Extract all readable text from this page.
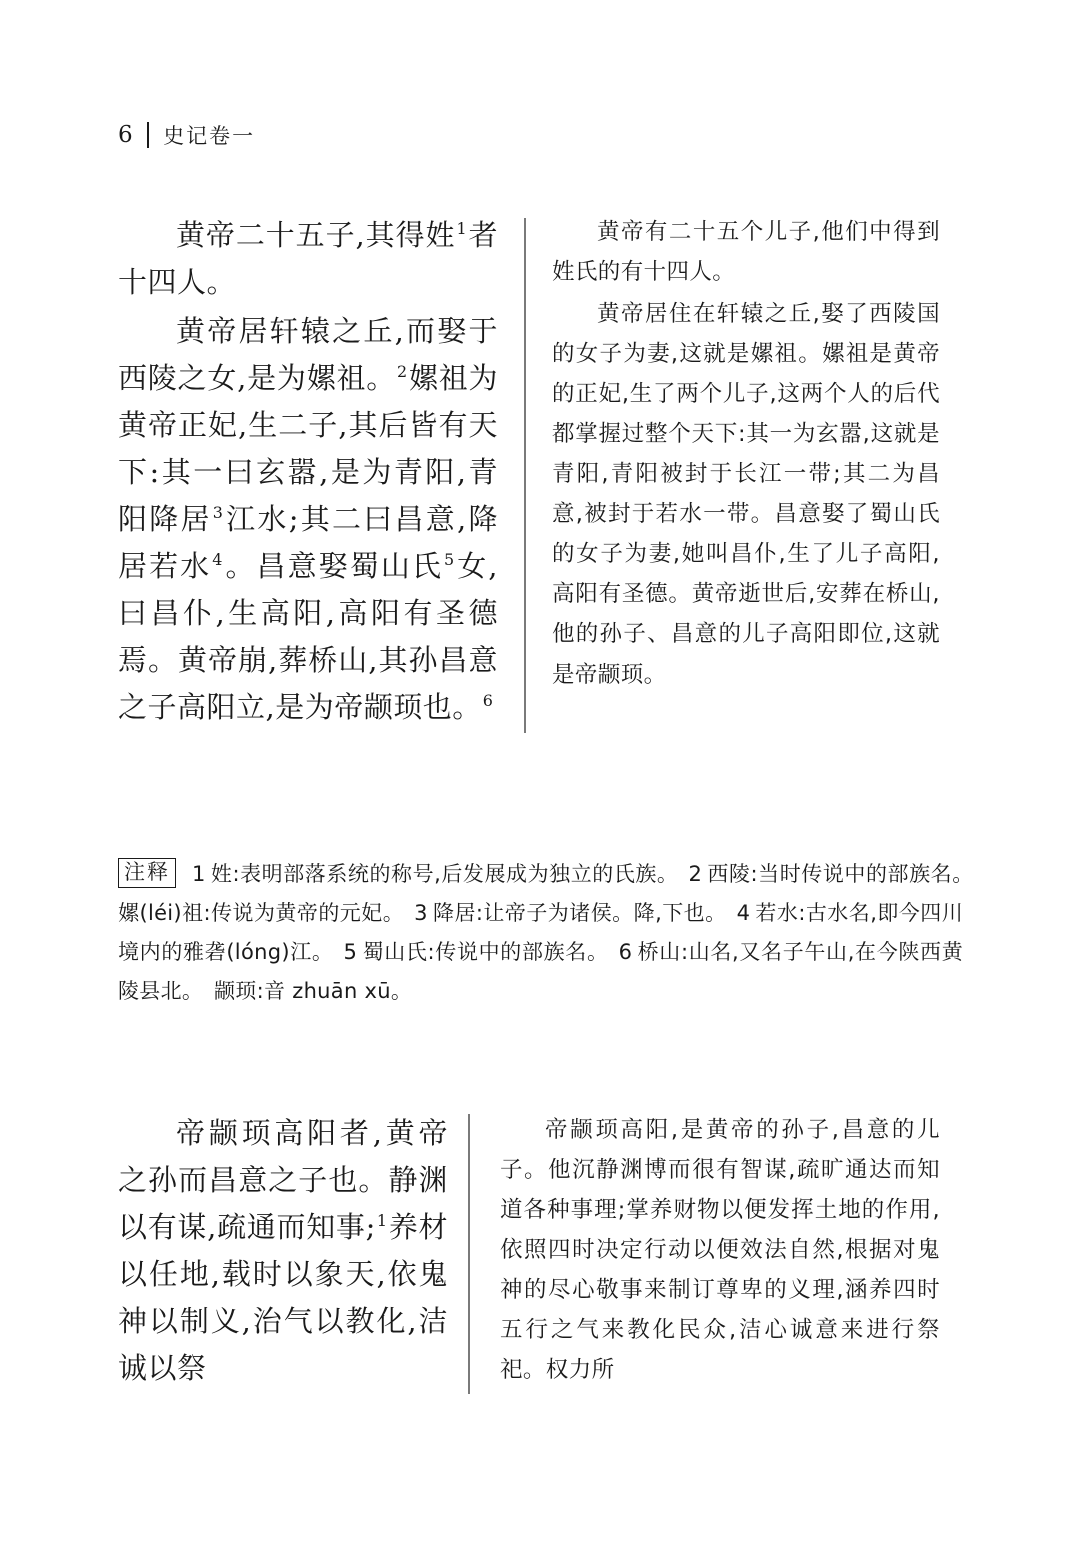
6 史记卷一

黄帝二十五子,其得姓$^1$者十四人。

黄帝居轩辕之丘,而娶于西陵之女,是为嫘祖。$^2$嫘祖为黄帝正妃,生二子,其后皆有天下:其一曰玄嚣,是为青阳,青阳降居$^3$江水;其二曰昌意,降居若水$^4$。昌意娶蜀山氏$^5$女,曰昌仆,生高阳,高阳有圣德焉。黄帝崩,葬桥山,其孙昌意之子高阳立,是为帝颛顼也。$^6$

黄帝有二十五个儿子,他们中得到姓氏的有十四人。

黄帝居住在轩辕之丘,娶了西陵国的女子为妻,这就是嫘祖。嫘祖是黄帝的正妃,生了两个儿子,这两个人的后代都掌握过整个天下:其一为玄嚣,这就是青阳,青阳被封于长江一带;其二为昌意,被封于若水一带。昌意娶了蜀山氏的女子为妻,她叫昌仆,生了儿子高阳,高阳有圣德。黄帝逝世后,安葬在桥山,他的孙子、昌意的儿子高阳即位,这就是帝颛顼。

注释 1 姓:表明部落系统的称号,后发展成为独立的氏族。 2 西陵:当时传说中的部族名。　嫘(léi)祖:传说为黄帝的元妃。 3 降居:让帝子为诸侯。降,下也。 4 若水:古水名,即今四川境内的雅砻(lóng)江。 5 蜀山氏:传说中的部族名。 6 桥山:山名,又名子午山,在今陕西黄陵县北。　颛顼:音 zhuān xū。

帝颛顼高阳者,黄帝之孙而昌意之子也。静渊以有谋,疏通而知事;$^1$养材以任地,载时以象天,依鬼神以制义,治气以教化,洁诚以祭

帝颛顼高阳,是黄帝的孙子,昌意的儿子。他沉静渊博而很有智谋,疏旷通达而知道各种事理;掌养财物以便发挥土地的作用,依照四时决定行动以便效法自然,根据对鬼神的尽心敬事来制订尊卑的义理,涵养四时五行之气来教化民众,洁心诚意来进行祭祀。权力所
